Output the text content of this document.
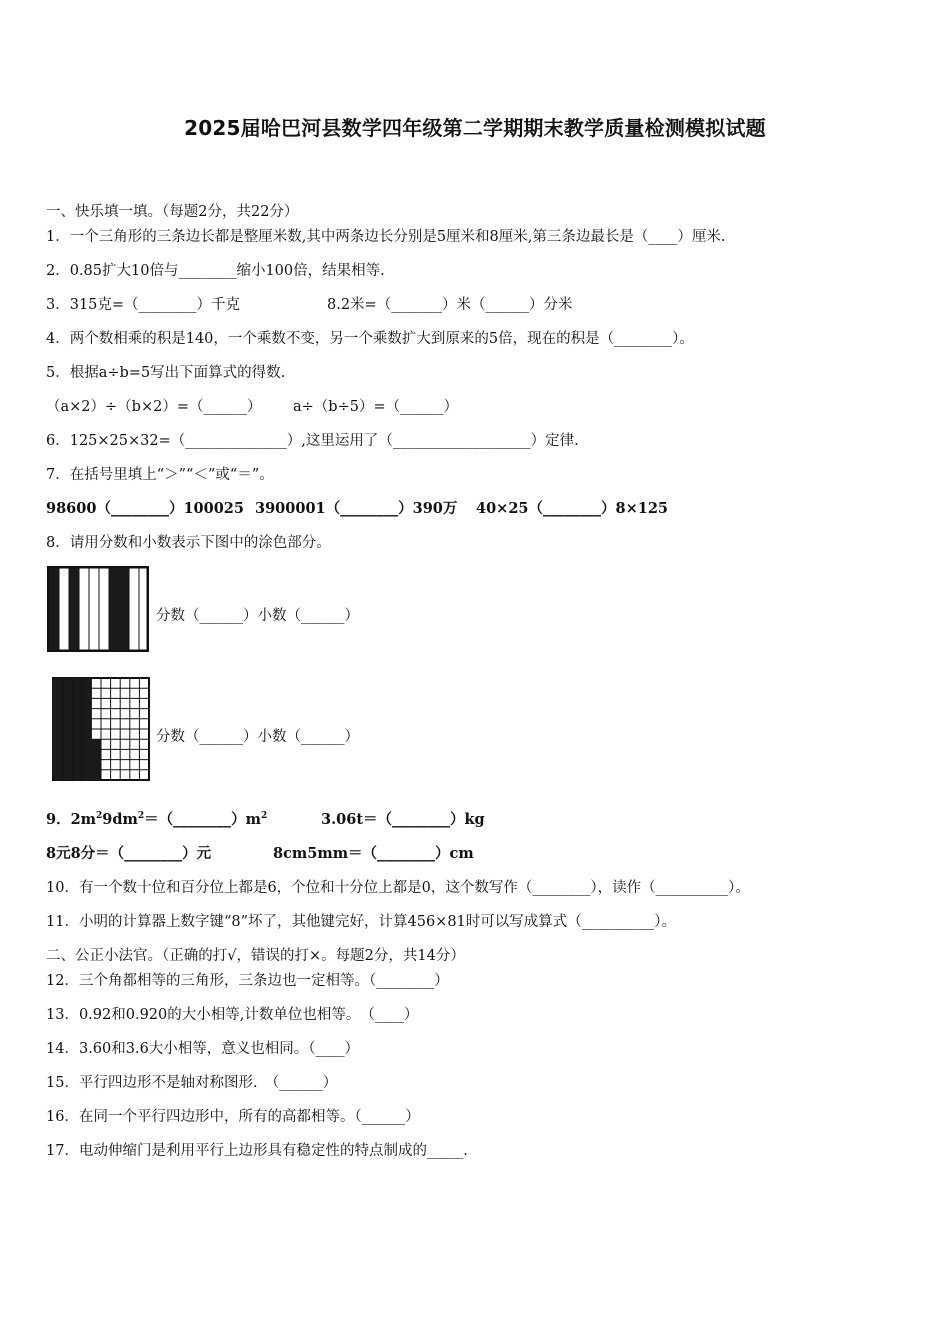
2025届哈巴河县数学四年级第二学期期末教学质量检测模拟试题
一、快乐填一填。（每题2分，共22分）
1．一个三角形的三条边长都是整厘米数,其中两条边长分别是5厘米和8厘米,第三条边最长是（____）厘米.
2．0.85扩大10倍与________缩小100倍，结果相等.
3．315克=（________）千克	8.2米=（_______）米（______）分米
4．两个数相乘的积是140，一个乘数不变，另一个乘数扩大到原来的5倍，现在的积是（________）。
5．根据a÷b=5写出下面算式的得数.
（a×2）÷（b×2）=（______） a÷（b÷5）=（______）
6．125×25×32=（______________）,这里运用了（___________________）定律.
7．在括号里填上“＞”“＜”或“＝”。
98600（________）100025 3900001（________）390万 40×25（________）8×125
8．请用分数和小数表示下图中的涂色部分。
分数（______）小数（______）
分数（______）小数（______）
9．$2m^29dm^2=(\_\_\_\_\_\_\_\_)m^2$	3.06t＝（________）kg
8元8分＝（________）元	8cm5mm＝（________）cm
10．有一个数十位和百分位上都是6，个位和十分位上都是0，这个数写作（________），读作（__________）。
11．小明的计算器上数字键“8”坏了，其他键完好，计算456×81时可以写成算式（__________）。
二、公正小法官。（正确的打√，错误的打×。每题2分，共14分）
12．三个角都相等的三角形，三条边也一定相等。（________）
13．0.92和0.920的大小相等,计数单位也相等。　（____）
14．3.60和3.6大小相等，意义也相同。（____）
15．平行四边形不是轴对称图形.　（______）
16．在同一个平行四边形中，所有的高都相等。（______）
17．电动伸缩门是利用平行上边形具有稳定性的特点制成的_____.
